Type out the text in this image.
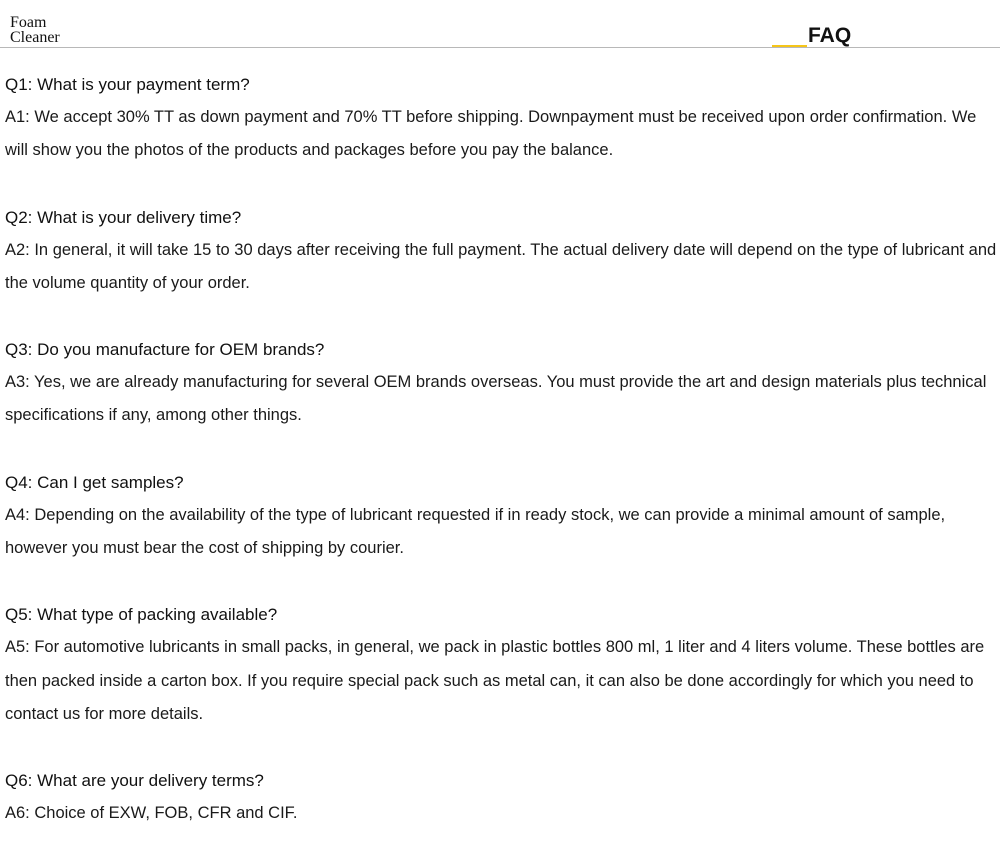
Foam
Cleaner	FAQ
Q1: What is your payment term?
A1: We accept 30% TT as down payment and 70% TT before shipping. Downpayment must be received upon order confirmation. We will show you the photos of the products and packages before you pay the balance.
Q2: What is your delivery time?
A2: In general, it will take 15 to 30 days after receiving the full payment. The actual delivery date will depend on the type of lubricant and the volume quantity of your order.
Q3: Do you manufacture for OEM brands?
A3: Yes, we are already manufacturing for several OEM brands overseas. You must provide the art and design materials plus technical specifications if any, among other things.
Q4: Can I get samples?
A4: Depending on the availability of the type of lubricant requested if in ready stock, we can provide a minimal amount of sample, however you must bear the cost of shipping by courier.
Q5: What type of packing available?
A5: For automotive lubricants in small packs, in general, we pack in plastic bottles 800 ml, 1 liter and 4 liters volume. These bottles are then packed inside a carton box. If you require special pack such as metal can, it can also be done accordingly for which you need to contact us for more details.
Q6: What are your delivery terms?
A6: Choice of EXW, FOB, CFR and CIF.
